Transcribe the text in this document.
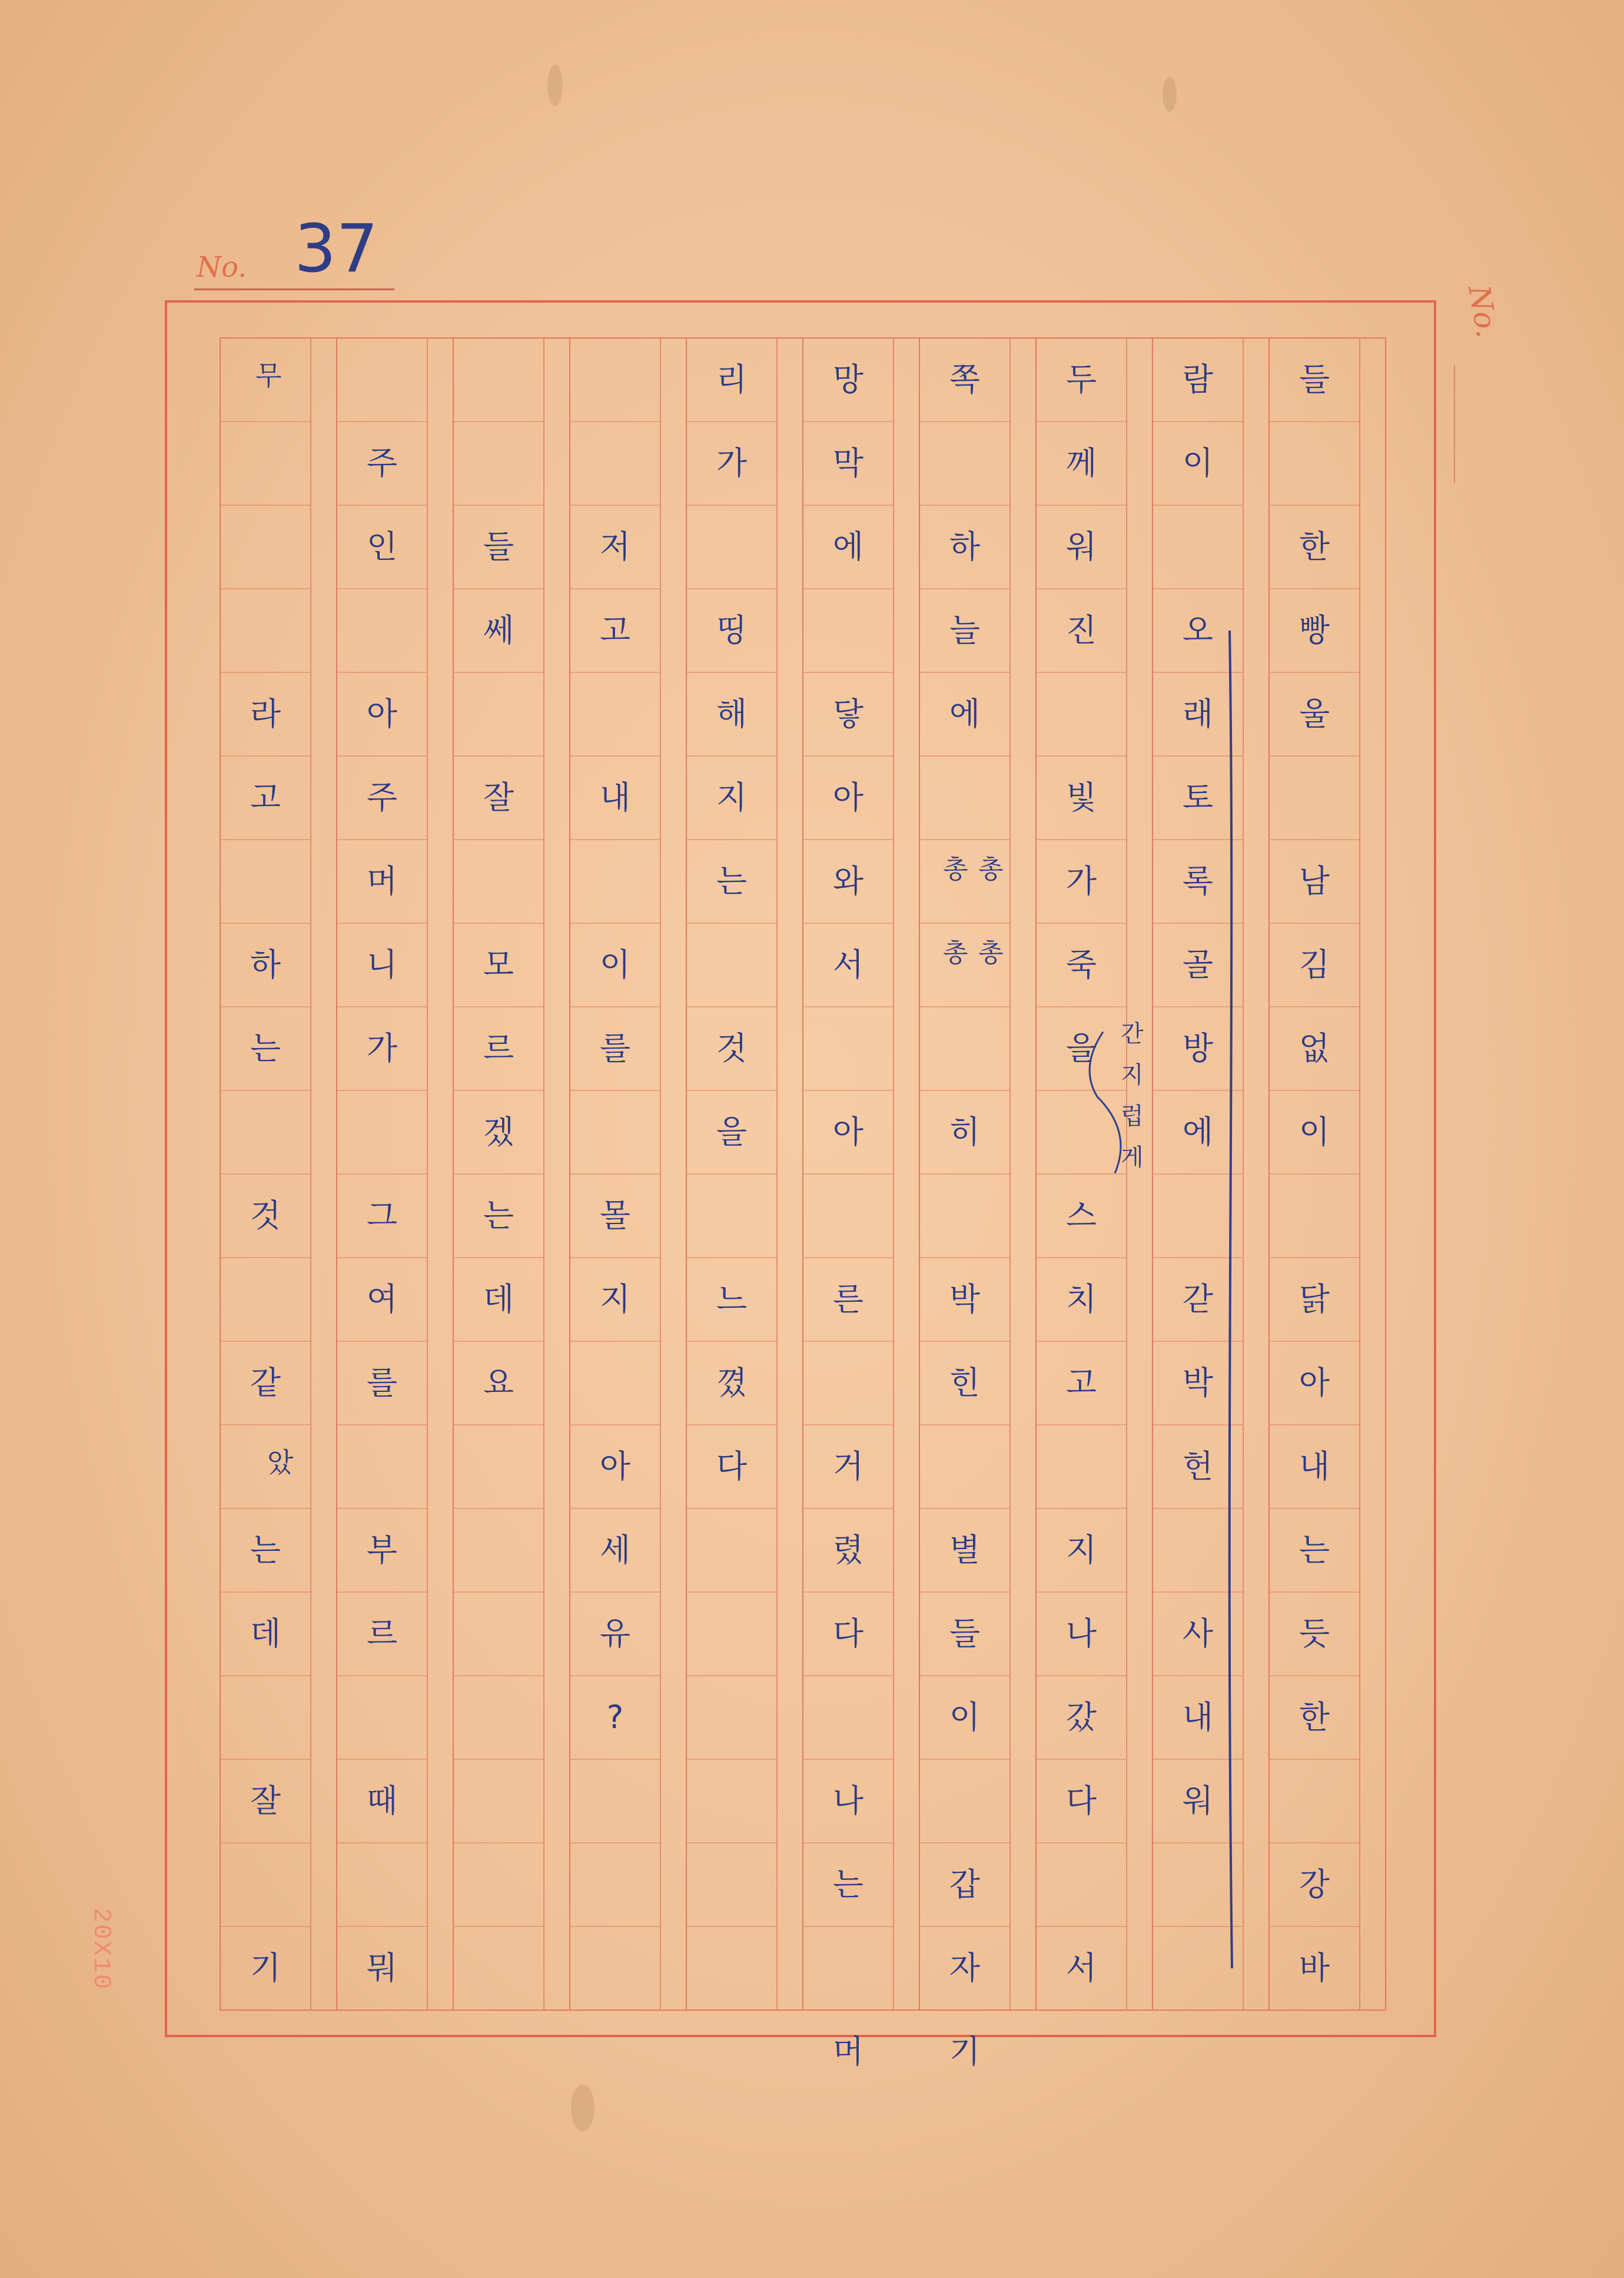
No. 37
No.
들
한
빵
울
남
김
없
이
닭
아
내
는
듯
한
강
바
람
이
오
래
토
록
골
방
에
갇
박
헌
사
내
워
두
께
워
진
빛
가
죽
을
스
치
고
지
나
갔
다
서
쪽
하
늘
에
히
박
힌
별
들
이
갑
자
기
망
막
에
닿
아
와
서
아
른
거
렸
다
나
는
머
리
가
띵
해
지
는
것
을
느
꼈
다
저
고
내
이
를
몰
지
아
세
유
?
들
쎄
잘
모
르
겠
는
데
요
주
인
아
주
머
니
가
그
여
를
부
르
때
뭐
라
고
하
는
것
같
는
데
잘
기
간
지
럽
게
총 총
총 총
무
았
20X10
